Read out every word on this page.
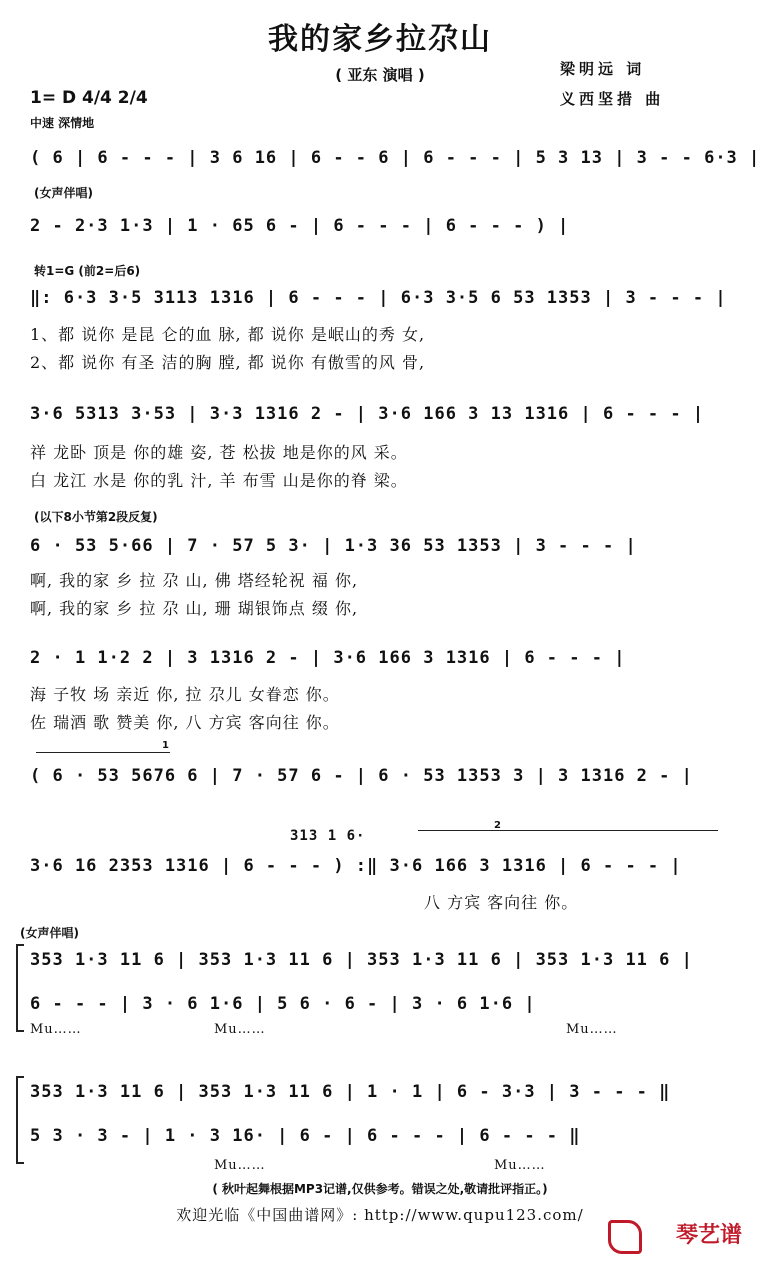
我的家乡拉尕山
( 亚东 演唱 )	梁明远 词
义西坚措 曲
1= D 4/4 2/4
中速 深情地
( 6 | 6 - - - | 3 6 16 | 6 - - 6 | 6 - - - | 5 3 13 | 3 - - 6·3 |
(女声伴唱)
2 - 2·3 1·3 | 1 · 65 6 - | 6 - - - | 6 - - - ) |
转1=G (前2=后6)
‖: 6·3 3·5 3113 1316 | 6 - - - | 6·3 3·5 6 53 1353 | 3 - - - |
1、都 说你 是昆 仑的血 脉, 都 说你 是岷山的秀 女,
2、都 说你 有圣 洁的胸 膛, 都 说你 有傲雪的风 骨,
3·6 5313 3·53 | 3·3 1316 2 - | 3·6 166 3 13 1316 | 6 - - - |
祥 龙卧 顶是 你的雄 姿, 苍 松拔 地是你的风 采。
白 龙江 水是 你的乳 汁, 羊 布雪 山是你的脊 梁。
(以下8小节第2段反复)
6 · 53 5·66 | 7 · 57 5 3· | 1·3 36 53 1353 | 3 - - - |
啊, 我的家 乡 拉 尕 山, 佛 塔经轮祝 福 你,
啊, 我的家 乡 拉 尕 山, 珊 瑚银饰点 缀 你,
2 · 1 1·2 2 | 3 1316 2 - | 3·6 166 3 1316 | 6 - - - |
海 子牧 场 亲近 你, 拉 尕儿 女眷恋 你。
佐 瑞酒 歌 赞美 你, 八 方宾 客向往 你。
1
( 6 · 53 5676 6 | 7 · 57 6 - | 6 · 53 1353 3 | 3 1316 2 - |
313 1 6·
2
3·6 16 2353 1316 | 6 - - - ) :‖ 3·6 166 3 1316 | 6 - - - |
八 方宾 客向往 你。
(女声伴唱)
353 1·3 11 6 | 353 1·3 11 6 | 353 1·3 11 6 | 353 1·3 11 6 |
6 - - - | 3 · 6 1·6 | 5 6 · 6 - | 3 · 6 1·6 |
Mu……	Mu……	Mu……
353 1·3 11 6 | 353 1·3 11 6 | 1 · 1 | 6 - 3·3 | 3 - - - ‖
5 3 · 3 - | 1 · 3 16· | 6 - | 6 - - - | 6 - - - ‖
Mu……	Mu……
( 秋叶起舞根据MP3记谱,仅供参考。错误之处,敬请批评指正。)
欢迎光临《中国曲谱网》: http://www.qupu123.com/
琴艺谱
